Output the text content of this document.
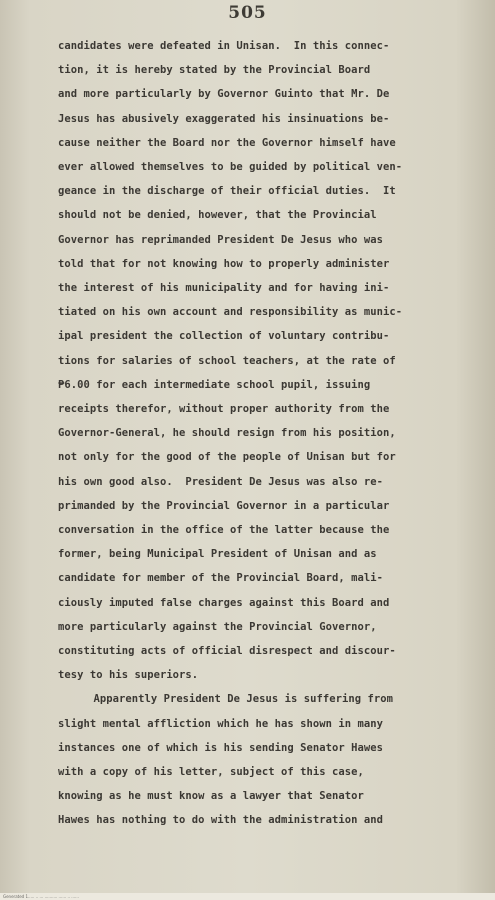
505
candidates were defeated in Unisan.  In this connec-
tion, it is hereby stated by the Provincial Board
and more particularly by Governor Guinto that Mr. De
Jesus has abusively exaggerated his insinuations be-
cause neither the Board nor the Governor himself have
ever allowed themselves to be guided by political ven-
geance in the discharge of their official duties.  It
should not be denied, however, that the Provincial
Governor has reprimanded President De Jesus who was
told that for not knowing how to properly administer
the interest of his municipality and for having ini-
tiated on his own account and responsibility as munic-
ipal president the collection of voluntary contribu-
tions for salaries of school teachers, at the rate of
₱6.00 for each intermediate school pupil, issuing
receipts therefor, without proper authority from the
Governor-General, he should resign from his position,
not only for the good of the people of Unisan but for
his own good also.  President De Jesus was also re-
primanded by the Provincial Governor in a particular
conversation in the office of the latter because the
former, being Municipal President of Unisan and as
candidate for member of the Provincial Board, mali-
ciously imputed false charges against this Board and
more particularly against the Provincial Governor,
constituting acts of official disrespect and discour-
tesy to his superiors.
Apparently President De Jesus is suffering from
slight mental affliction which he has shown in many
instances one of which is his sending Senator Hawes
with a copy of his letter, subject of this case,
knowing as he must know as a lawyer that Senator
Hawes has nothing to do with the administration and
Generated 1..... .. ... .......... ...... .. ......
